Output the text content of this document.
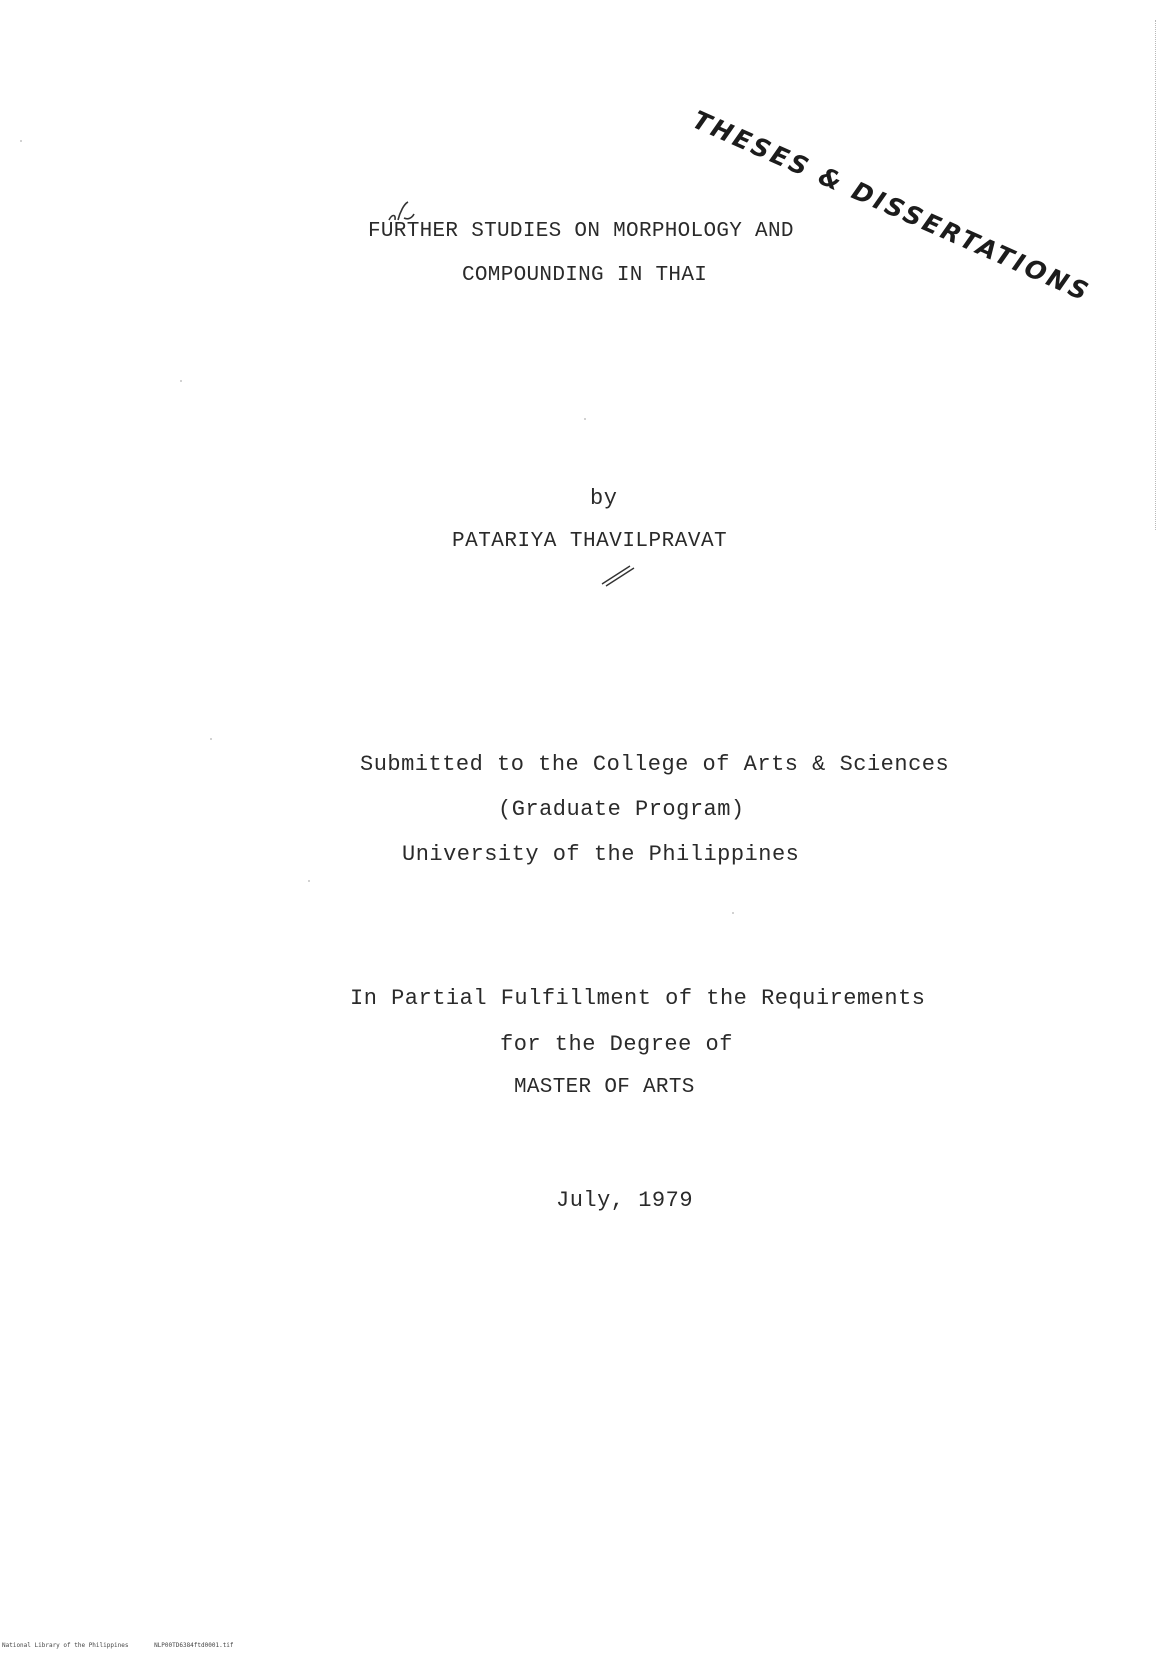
THESES & DISSERTATIONS
FURTHER STUDIES ON MORPHOLOGY AND
COMPOUNDING IN THAI
by
PATARIYA THAVILPRAVAT
Submitted to the College of Arts & Sciences
(Graduate Program)
University of the Philippines
In Partial Fulfillment of the Requirements
for the Degree of
MASTER OF ARTS
July, 1979
National Library of the Philippines	NLP00TD6384ftd0001.tif
